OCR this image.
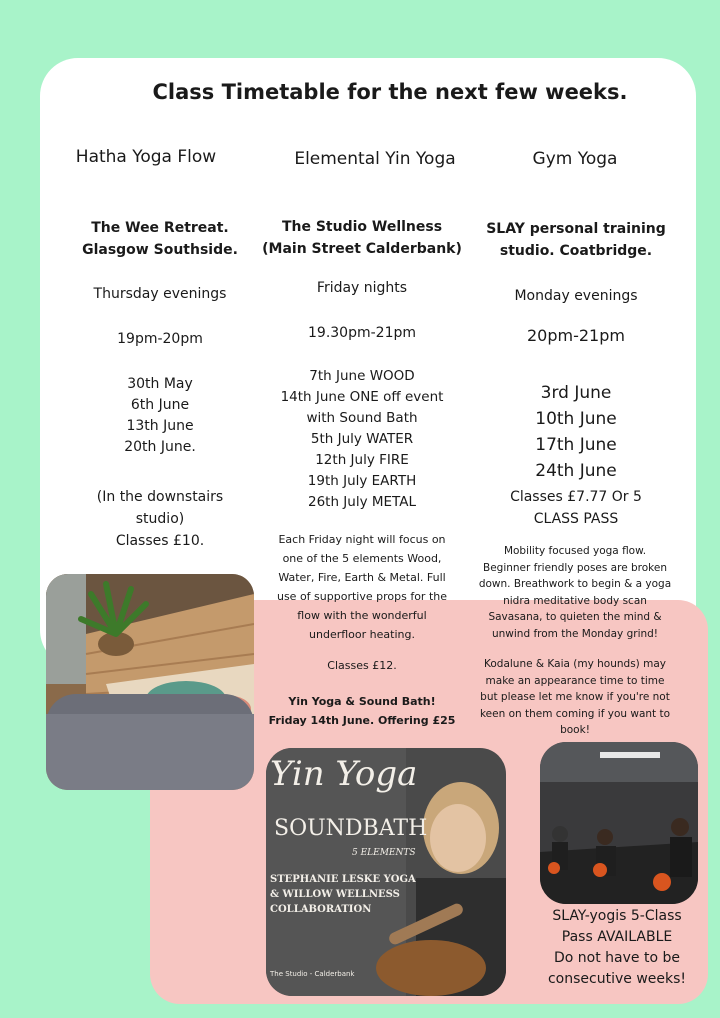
Class Timetable for the next few weeks.
Hatha Yoga Flow	Elemental Yin Yoga	Gym Yoga
The Wee Retreat.
Glasgow Southside.
Thursday evenings
19pm-20pm
30th May
6th June
13th June
20th June.
(In the downstairs
studio)
Classes £10.
The Studio Wellness
(Main Street Calderbank)
Friday nights
19.30pm-21pm
7th June WOOD
14th June ONE off event
with Sound Bath
5th July WATER
12th July FIRE
19th July EARTH
26th July METAL
Each Friday night will focus on
one of the 5 elements Wood,
Water, Fire, Earth & Metal. Full
use of supportive props for the
flow with the wonderful
underfloor heating.
Classes £12.
Yin Yoga & Sound Bath!
Friday 14th June. Offering £25
SLAY personal training
studio. Coatbridge.
Monday evenings
20pm-21pm
3rd June
10th June
17th June
24th June
Classes £7.77 Or 5
CLASS PASS
Mobility focused yoga flow.
Beginner friendly poses are broken
down. Breathwork to begin & a yoga
nidra meditative body scan
Savasana, to quieten the mind &
unwind from the Monday grind!
Kodalune & Kaia (my hounds) may
make an appearance time to time
but please let me know if you're not
keen on them coming if you want to
book!
Yin Yoga
SOUNDBATH
5 ELEMENTS
STEPHANIE LESKE YOGA
& WILLOW WELLNESS
COLLABORATION
The Studio - Calderbank
SLAY-yogis 5-Class
Pass AVAILABLE
Do not have to be
consecutive weeks!
